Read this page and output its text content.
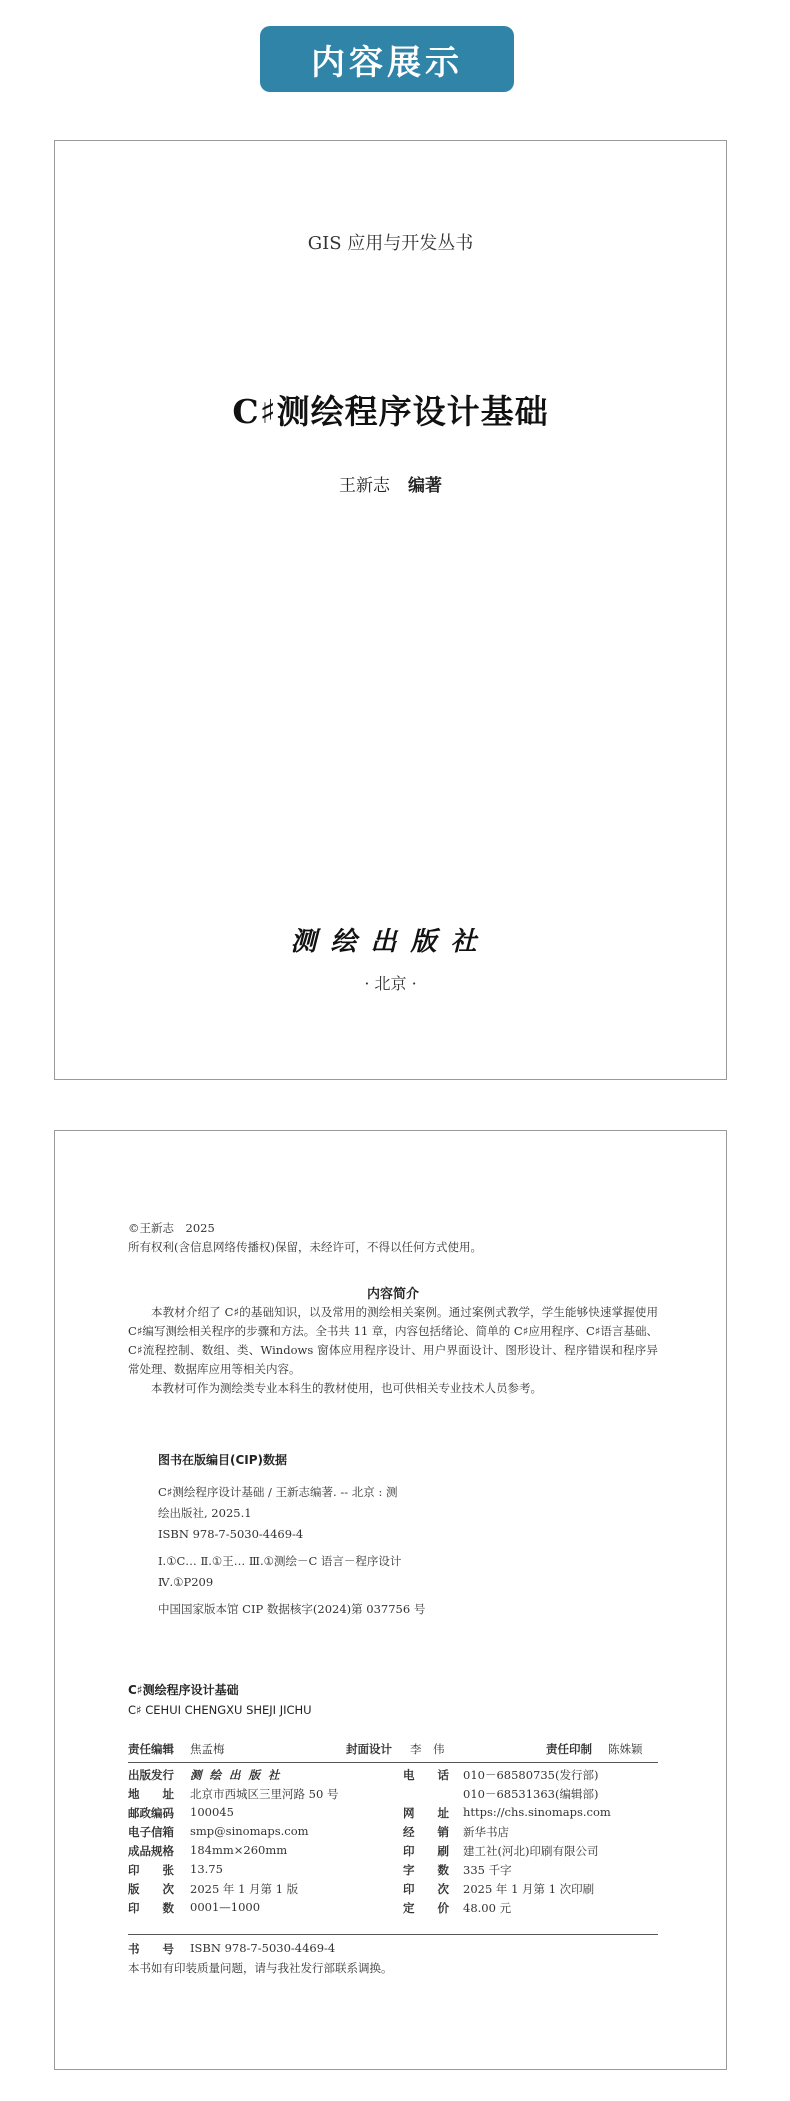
内容展示
GIS 应用与开发丛书
C♯测绘程序设计基础
王新志 编著
测绘出版社
· 北京 ·
©王新志　2025
所有权利(含信息网络传播权)保留，未经许可，不得以任何方式使用。
内容简介

本教材介绍了 C♯的基础知识，以及常用的测绘相关案例。通过案例式教学，学生能够快速掌握使用 C♯编写测绘相关程序的步骤和方法。全书共 11 章，内容包括绪论、简单的 C♯应用程序、C♯语言基础、C♯流程控制、数组、类、Windows 窗体应用程序设计、用户界面设计、图形设计、程序错误和程序异常处理、数据库应用等相关内容。

本教材可作为测绘类专业本科生的教材使用，也可供相关专业技术人员参考。

图书在版编目(CIP)数据
C♯测绘程序设计基础 / 王新志编著. -- 北京 : 测
绘出版社, 2025.1
ISBN 978-7-5030-4469-4
Ⅰ.①C… Ⅱ.①王… Ⅲ.①测绘－C 语言－程序设计
Ⅳ.①P209
中国国家版本馆 CIP 数据核字(2024)第 037756 号
C♯测绘程序设计基础
C♯ CEHUI CHENGXU SHEJI JICHU
责任编辑 焦孟梅	封面设计 李　伟	责任印制 陈姝颖
出版发行 测 绘 出 版 社	电　　话 010－68580735(发行部)
地　　址 北京市西城区三里河路 50 号	010－68531363(编辑部)
邮政编码 100045	网　　址 https://chs.sinomaps.com
电子信箱 smp@sinomaps.com	经　　销 新华书店
成品规格 184mm×260mm	印　　刷 建工社(河北)印刷有限公司
印　　张 13.75	字　　数 335 千字
版　　次 2025 年 1 月第 1 版	印　　次 2025 年 1 月第 1 次印刷
印　　数 0001—1000	定　　价 48.00 元
书　　号 ISBN 978-7-5030-4469-4
本书如有印装质量问题，请与我社发行部联系调换。
